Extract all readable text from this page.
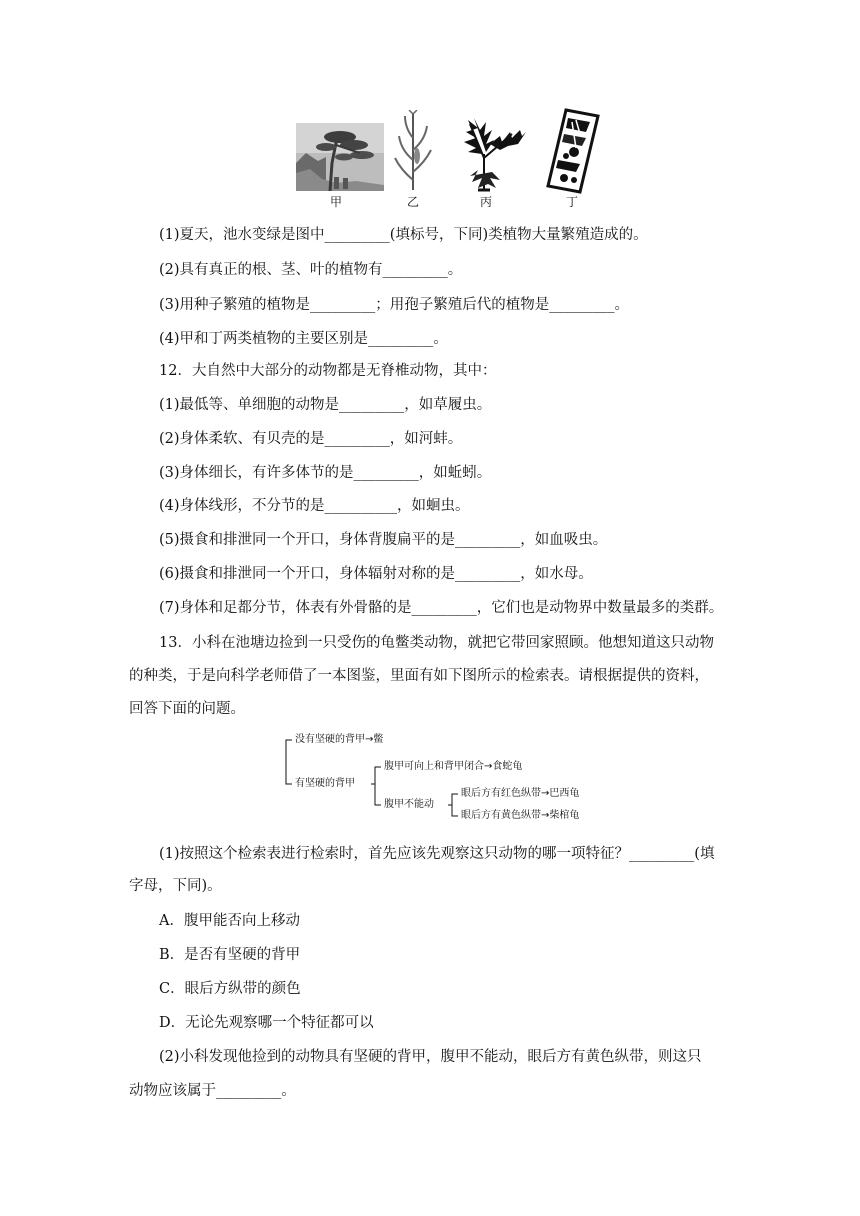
甲	乙	丙	丁
(1)夏天，池水变绿是图中_________(填标号，下同)类植物大量繁殖造成的。
(2)具有真正的根、茎、叶的植物有_________。
(3)用种子繁殖的植物是_________；用孢子繁殖后代的植物是_________。
(4)甲和丁两类植物的主要区别是_________。
12．大自然中大部分的动物都是无脊椎动物，其中：
(1)最低等、单细胞的动物是_________，如草履虫。
(2)身体柔软、有贝壳的是_________，如河蚌。
(3)身体细长，有许多体节的是_________，如蚯蚓。
(4)身体线形，不分节的是__________，如蛔虫。
(5)摄食和排泄同一个开口，身体背腹扁平的是_________，如血吸虫。
(6)摄食和排泄同一个开口，身体辐射对称的是_________，如水母。
(7)身体和足都分节，体表有外骨骼的是_________，它们也是动物界中数量最多的类群。
13．小科在池塘边捡到一只受伤的龟鳖类动物，就把它带回家照顾。他想知道这只动物
的种类，于是向科学老师借了一本图鉴，里面有如下图所示的检索表。请根据提供的资料，
回答下面的问题。
没有坚硬的背甲→鳖
有坚硬的背甲
腹甲可向上和背甲闭合→食蛇龟
腹甲不能动
眼后方有红色纵带→巴西龟
眼后方有黄色纵带→柴棺龟
(1)按照这个检索表进行检索时，首先应该先观察这只动物的哪一项特征？_________(填
字母，下同)。
A．腹甲能否向上移动
B．是否有坚硬的背甲
C．眼后方纵带的颜色
D．无论先观察哪一个特征都可以
(2)小科发现他捡到的动物具有坚硬的背甲，腹甲不能动，眼后方有黄色纵带，则这只
动物应该属于_________。
